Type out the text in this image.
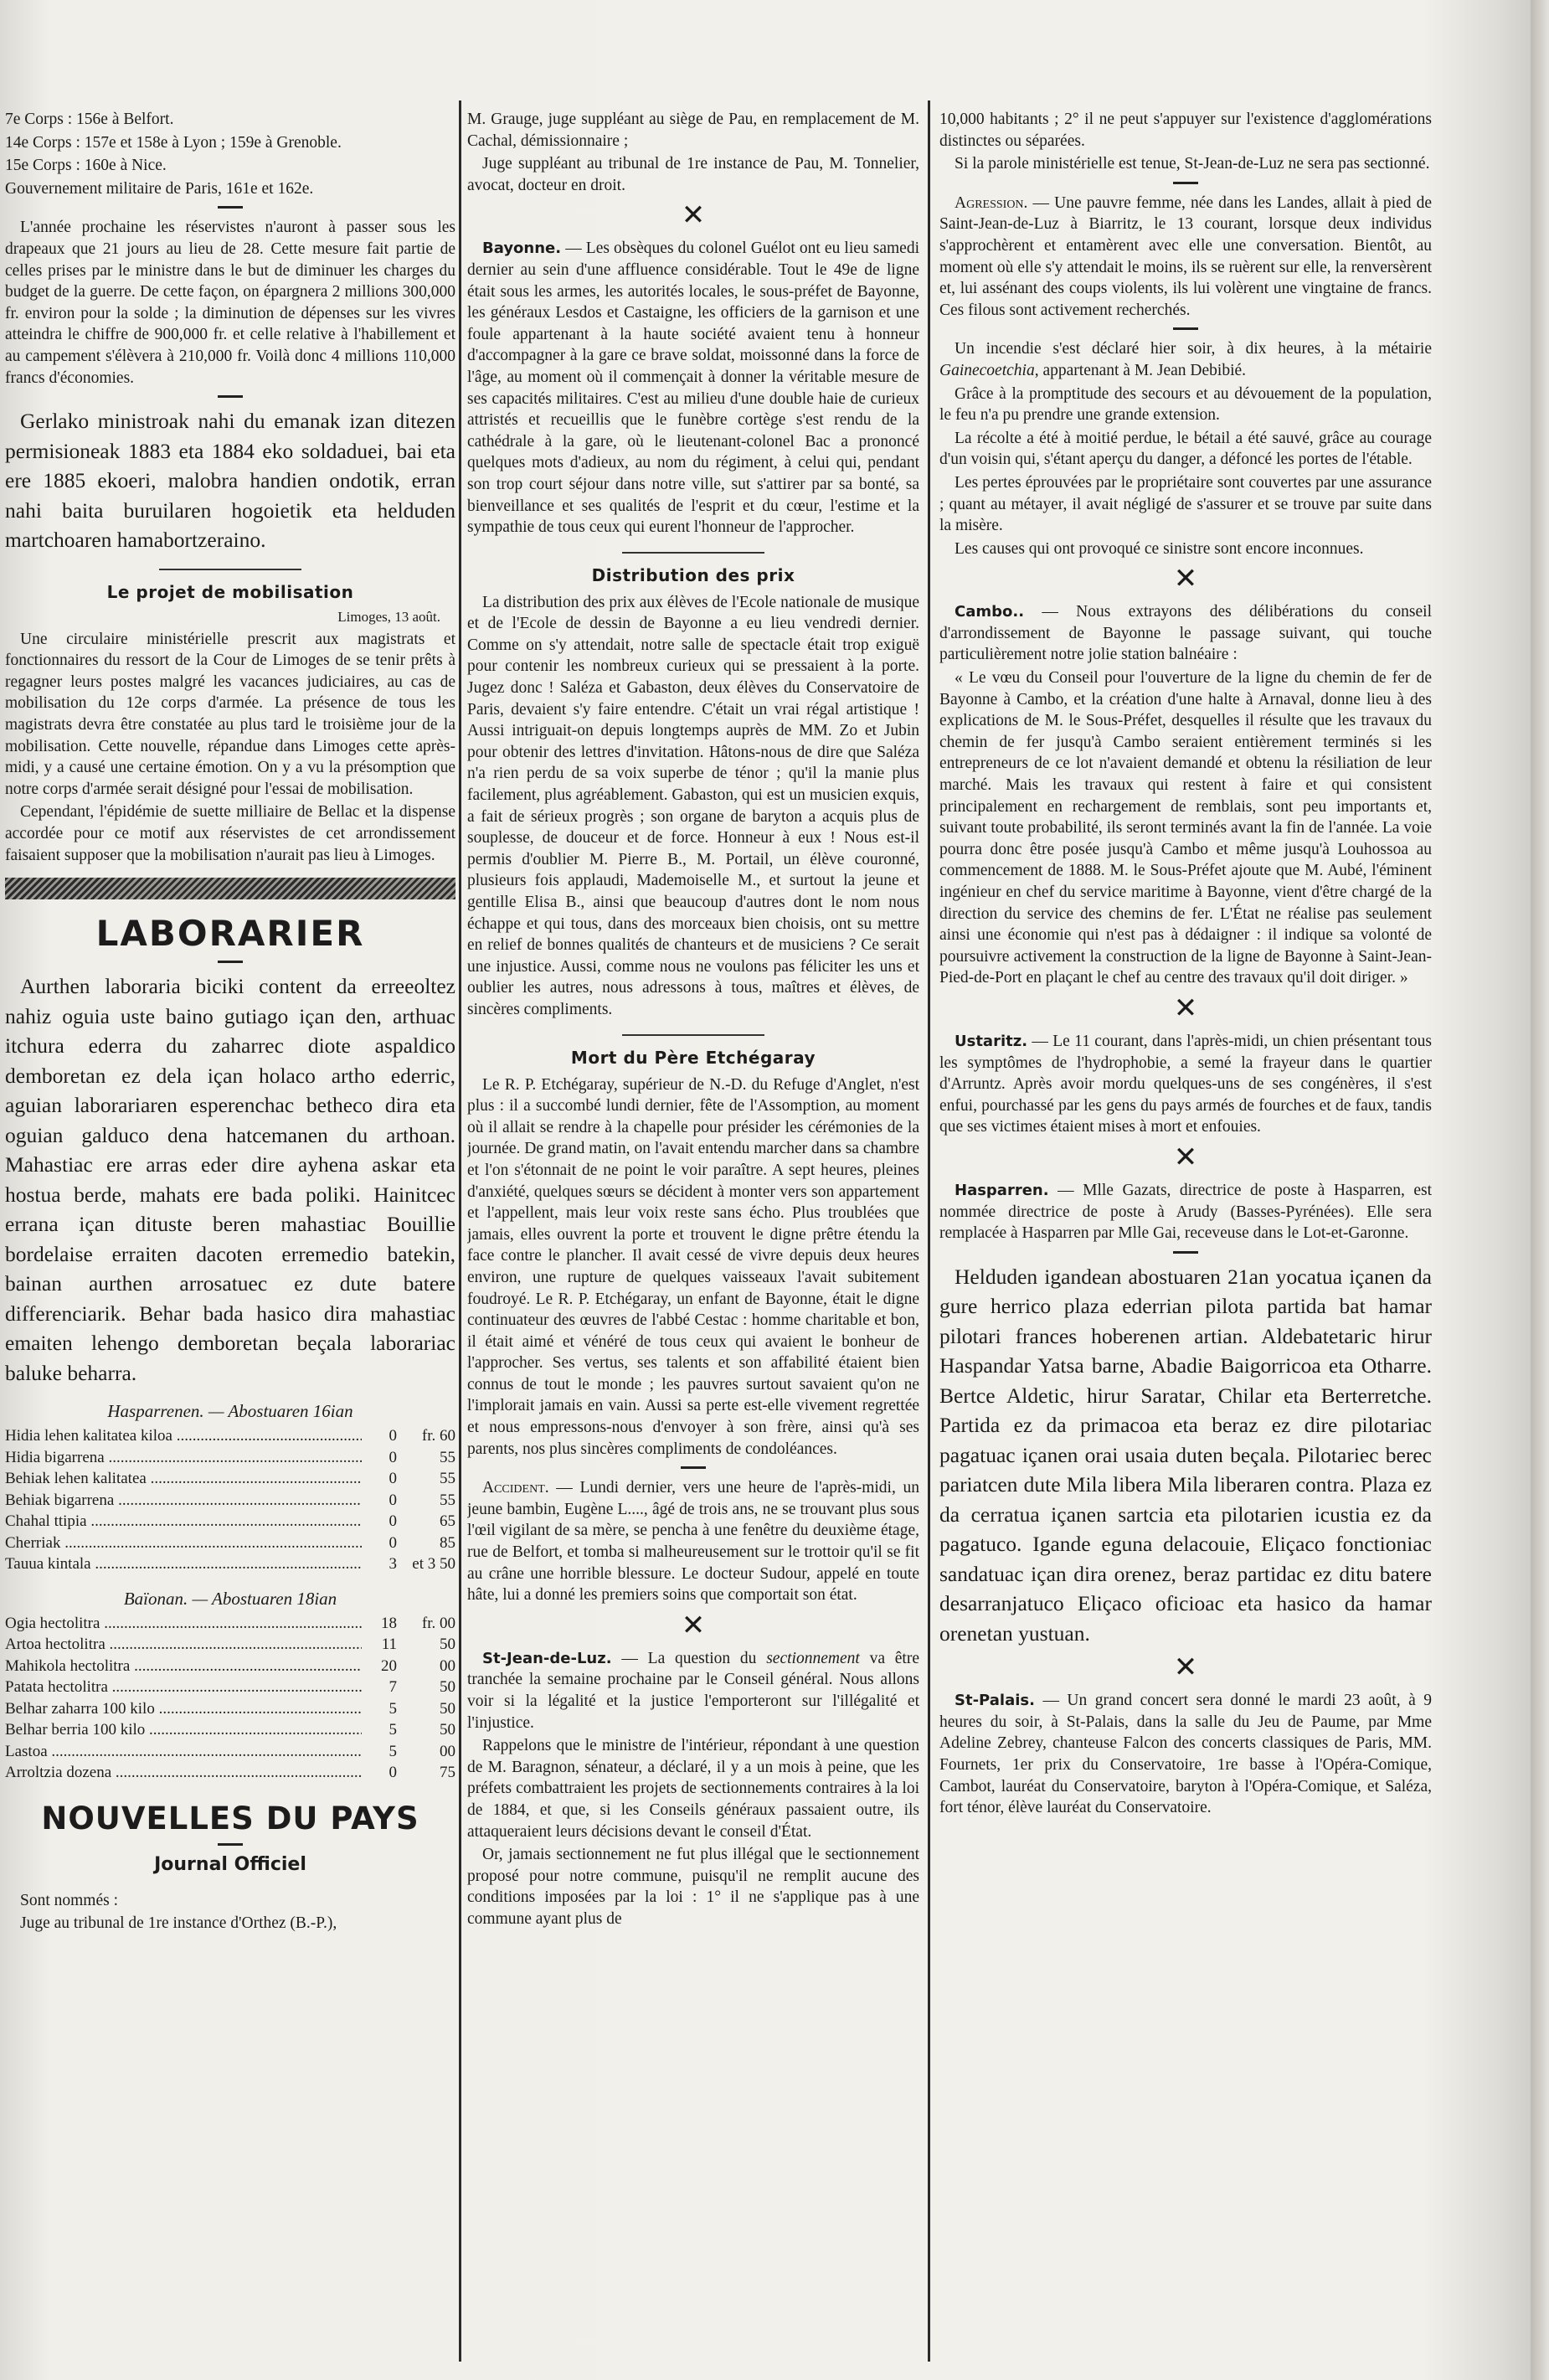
7e Corps : 156e à Belfort.

14e Corps : 157e et 158e à Lyon ; 159e à Grenoble.

15e Corps : 160e à Nice.

Gouvernement militaire de Paris, 161e et 162e.

L'année prochaine les réservistes n'auront à passer sous les drapeaux que 21 jours au lieu de 28. Cette mesure fait partie de celles prises par le ministre dans le but de diminuer les charges du budget de la guerre. De cette façon, on épargnera 2 millions 300,000 fr. environ pour la solde ; la diminution de dépenses sur les vivres atteindra le chiffre de 900,000 fr. et celle relative à l'habillement et au campement s'élèvera à 210,000 fr. Voilà donc 4 millions 110,000 francs d'économies.

Gerlako ministroak nahi du emanak izan ditezen permisioneak 1883 eta 1884 eko soldaduei, bai eta ere 1885 ekoeri, malobra handien ondotik, erran nahi baita buruilaren hogoietik eta helduden martchoaren hamabortzeraino.

Le projet de mobilisation
Limoges, 13 août.

Une circulaire ministérielle prescrit aux magistrats et fonctionnaires du ressort de la Cour de Limoges de se tenir prêts à regagner leurs postes malgré les vacances judiciaires, au cas de mobilisation du 12e corps d'armée. La présence de tous les magistrats devra être constatée au plus tard le troisième jour de la mobilisation. Cette nouvelle, répandue dans Limoges cette après-midi, y a causé une certaine émotion. On y a vu la présomption que notre corps d'armée serait désigné pour l'essai de mobilisation.

Cependant, l'épidémie de suette milliaire de Bellac et la dispense accordée pour ce motif aux réservistes de cet arrondissement faisaient supposer que la mobilisation n'aurait pas lieu à Limoges.

LABORARIER

Aurthen laboraria biciki content da erreeoltez nahiz oguia uste baino gutiago içan den, arthuac itchura ederra du zaharrec diote aspaldico demboretan ez dela içan holaco artho ederric, aguian laborariaren esperenchac betheco dira eta oguian galduco dena hatcemanen du arthoan. Mahastiac ere arras eder dire ayhena askar eta hostua berde, mahats ere bada poliki. Hainitcec errana içan dituste beren mahastiac Bouillie bordelaise erraiten dacoten erremedio batekin, bainan aurthen arrosatuec ez dute batere differenciarik. Behar bada hasico dira mahastiac emaiten lehengo demboretan beçala laborariac baluke beharra.

Hasparrenen. — Abostuaren 16ian
Hidia lehen kalitatea kiloa .....	0	fr. 60
Hidia bigarrena .....	0	55
Behiak lehen kalitatea .....	0	55
Behiak bigarrena .....	0	55
Chahal ttipia .....	0	65
Cherriak .....	0	85
Tauua kintala .....	3 et 3 50
Baïonan. — Abostuaren 18ian
Ogia hectolitra .....	18	fr. 00
Artoa hectolitra .....	11	50
Mahikola hectolitra .....	20	00
Patata hectolitra .....	7	50
Belhar zaharra 100 kilo .....	5	50
Belhar berria 100 kilo .....	5	50
Lastoa .....	5	00
Arroltzia dozena .....	0	75
NOUVELLES DU PAYS
Journal Officiel

Sont nommés :

Juge au tribunal de 1re instance d'Orthez (B.-P.),

M. Grauge, juge suppléant au siège de Pau, en remplacement de M. Cachal, démissionnaire ;

Juge suppléant au tribunal de 1re instance de Pau, M. Tonnelier, avocat, docteur en droit.

✕

Bayonne. — Les obsèques du colonel Guélot ont eu lieu samedi dernier au sein d'une affluence considérable. Tout le 49e de ligne était sous les armes, les autorités locales, le sous-préfet de Bayonne, les généraux Lesdos et Castaigne, les officiers de la garnison et une foule appartenant à la haute société avaient tenu à honneur d'accompagner à la gare ce brave soldat, moissonné dans la force de l'âge, au moment où il commençait à donner la véritable mesure de ses capacités militaires. C'est au milieu d'une double haie de curieux attristés et recueillis que le funèbre cortège s'est rendu de la cathédrale à la gare, où le lieutenant-colonel Bac a prononcé quelques mots d'adieux, au nom du régiment, à celui qui, pendant son trop court séjour dans notre ville, sut s'attirer par sa bonté, sa bienveillance et ses qualités de l'esprit et du cœur, l'estime et la sympathie de tous ceux qui eurent l'honneur de l'approcher.

Distribution des prix

La distribution des prix aux élèves de l'Ecole nationale de musique et de l'Ecole de dessin de Bayonne a eu lieu vendredi dernier. Comme on s'y attendait, notre salle de spectacle était trop exiguë pour contenir les nombreux curieux qui se pressaient à la porte. Jugez donc ! Saléza et Gabaston, deux élèves du Conservatoire de Paris, devaient s'y faire entendre. C'était un vrai régal artistique ! Aussi intriguait-on depuis longtemps auprès de MM. Zo et Jubin pour obtenir des lettres d'invitation. Hâtons-nous de dire que Saléza n'a rien perdu de sa voix superbe de ténor ; qu'il la manie plus facilement, plus agréablement. Gabaston, qui est un musicien exquis, a fait de sérieux progrès ; son organe de baryton a acquis plus de souplesse, de douceur et de force. Honneur à eux ! Nous est-il permis d'oublier M. Pierre B., M. Portail, un élève couronné, plusieurs fois applaudi, Mademoiselle M., et surtout la jeune et gentille Elisa B., ainsi que beaucoup d'autres dont le nom nous échappe et qui tous, dans des morceaux bien choisis, ont su mettre en relief de bonnes qualités de chanteurs et de musiciens ? Ce serait une injustice. Aussi, comme nous ne voulons pas féliciter les uns et oublier les autres, nous adressons à tous, maîtres et élèves, de sincères compliments.

Mort du Père Etchégaray

Le R. P. Etchégaray, supérieur de N.-D. du Refuge d'Anglet, n'est plus : il a succombé lundi dernier, fête de l'Assomption, au moment où il allait se rendre à la chapelle pour présider les cérémonies de la journée. De grand matin, on l'avait entendu marcher dans sa chambre et l'on s'étonnait de ne point le voir paraître. A sept heures, pleines d'anxiété, quelques sœurs se décident à monter vers son appartement et l'appellent, mais leur voix reste sans écho. Plus troublées que jamais, elles ouvrent la porte et trouvent le digne prêtre étendu la face contre le plancher. Il avait cessé de vivre depuis deux heures environ, une rupture de quelques vaisseaux l'avait subitement foudroyé. Le R. P. Etchégaray, un enfant de Bayonne, était le digne continuateur des œuvres de l'abbé Cestac : homme charitable et bon, il était aimé et vénéré de tous ceux qui avaient le bonheur de l'approcher. Ses vertus, ses talents et son affabilité étaient bien connus de tout le monde ; les pauvres surtout savaient qu'on ne l'implorait jamais en vain. Aussi sa perte est-elle vivement regrettée et nous empressons-nous d'envoyer à son frère, ainsi qu'à ses parents, nos plus sincères compliments de condoléances.

Accident. — Lundi dernier, vers une heure de l'après-midi, un jeune bambin, Eugène L...., âgé de trois ans, ne se trouvant plus sous l'œil vigilant de sa mère, se pencha à une fenêtre du deuxième étage, rue de Belfort, et tomba si malheureusement sur le trottoir qu'il se fit au crâne une horrible blessure. Le docteur Sudour, appelé en toute hâte, lui a donné les premiers soins que comportait son état.

✕

St-Jean-de-Luz. — La question du sectionnement va être tranchée la semaine prochaine par le Conseil général. Nous allons voir si la légalité et la justice l'emporteront sur l'illégalité et l'injustice.

Rappelons que le ministre de l'intérieur, répondant à une question de M. Baragnon, sénateur, a déclaré, il y a un mois à peine, que les préfets combattraient les projets de sectionnements contraires à la loi de 1884, et que, si les Conseils généraux passaient outre, ils attaqueraient leurs décisions devant le conseil d'État.

Or, jamais sectionnement ne fut plus illégal que le sectionnement proposé pour notre commune, puisqu'il ne remplit aucune des conditions imposées par la loi : 1° il ne s'applique pas à une commune ayant plus de

10,000 habitants ; 2° il ne peut s'appuyer sur l'existence d'agglomérations distinctes ou séparées.

Si la parole ministérielle est tenue, St-Jean-de-Luz ne sera pas sectionné.

Agression. — Une pauvre femme, née dans les Landes, allait à pied de Saint-Jean-de-Luz à Biarritz, le 13 courant, lorsque deux individus s'approchèrent et entamèrent avec elle une conversation. Bientôt, au moment où elle s'y attendait le moins, ils se ruèrent sur elle, la renversèrent et, lui assénant des coups violents, ils lui volèrent une vingtaine de francs. Ces filous sont activement recherchés.

Un incendie s'est déclaré hier soir, à dix heures, à la métairie Gainecoetchia, appartenant à M. Jean Debibié.

Grâce à la promptitude des secours et au dévouement de la population, le feu n'a pu prendre une grande extension.

La récolte a été à moitié perdue, le bétail a été sauvé, grâce au courage d'un voisin qui, s'étant aperçu du danger, a défoncé les portes de l'étable.

Les pertes éprouvées par le propriétaire sont couvertes par une assurance ; quant au métayer, il avait négligé de s'assurer et se trouve par suite dans la misère.

Les causes qui ont provoqué ce sinistre sont encore inconnues.

✕

Cambo.. — Nous extrayons des délibérations du conseil d'arrondissement de Bayonne le passage suivant, qui touche particulièrement notre jolie station balnéaire :

« Le vœu du Conseil pour l'ouverture de la ligne du chemin de fer de Bayonne à Cambo, et la création d'une halte à Arnaval, donne lieu à des explications de M. le Sous-Préfet, desquelles il résulte que les travaux du chemin de fer jusqu'à Cambo seraient entièrement terminés si les entrepreneurs de ce lot n'avaient demandé et obtenu la résiliation de leur marché. Mais les travaux qui restent à faire et qui consistent principalement en rechargement de remblais, sont peu importants et, suivant toute probabilité, ils seront terminés avant la fin de l'année. La voie pourra donc être posée jusqu'à Cambo et même jusqu'à Louhossoa au commencement de 1888. M. le Sous-Préfet ajoute que M. Aubé, l'éminent ingénieur en chef du service maritime à Bayonne, vient d'être chargé de la direction du service des chemins de fer. L'État ne réalise pas seulement ainsi une économie qui n'est pas à dédaigner : il indique sa volonté de poursuivre activement la construction de la ligne de Bayonne à Saint-Jean-Pied-de-Port en plaçant le chef au centre des travaux qu'il doit diriger. »

✕

Ustaritz. — Le 11 courant, dans l'après-midi, un chien présentant tous les symptômes de l'hydrophobie, a semé la frayeur dans le quartier d'Arruntz. Après avoir mordu quelques-uns de ses congénères, il s'est enfui, pourchassé par les gens du pays armés de fourches et de faux, tandis que ses victimes étaient mises à mort et enfouies.

✕

Hasparren. — Mlle Gazats, directrice de poste à Hasparren, est nommée directrice de poste à Arudy (Basses-Pyrénées). Elle sera remplacée à Hasparren par Mlle Gai, receveuse dans le Lot-et-Garonne.

Helduden igandean abostuaren 21an yocatua içanen da gure herrico plaza ederrian pilota partida bat hamar pilotari frances hoberenen artian. Aldebatetaric hirur Haspandar Yatsa barne, Abadie Baigorricoa eta Otharre. Bertce Aldetic, hirur Saratar, Chilar eta Berterretche. Partida ez da primacoa eta beraz ez dire pilotariac pagatuac içanen orai usaia duten beçala. Pilotariec berec pariatcen dute Mila libera Mila liberaren contra. Plaza ez da cerratua içanen sartcia eta pilotarien icustia ez da pagatuco. Igande eguna delacouie, Eliçaco fonctioniac sandatuac içan dira orenez, beraz partidac ez ditu batere desarranjatuco Eliçaco oficioac eta hasico da hamar orenetan yustuan.

✕

St-Palais. — Un grand concert sera donné le mardi 23 août, à 9 heures du soir, à St-Palais, dans la salle du Jeu de Paume, par Mme Adeline Zebrey, chanteuse Falcon des concerts classiques de Paris, MM. Fournets, 1er prix du Conservatoire, 1re basse à l'Opéra-Comique, Cambot, lauréat du Conservatoire, baryton à l'Opéra-Comique, et Saléza, fort ténor, élève lauréat du Conservatoire.
